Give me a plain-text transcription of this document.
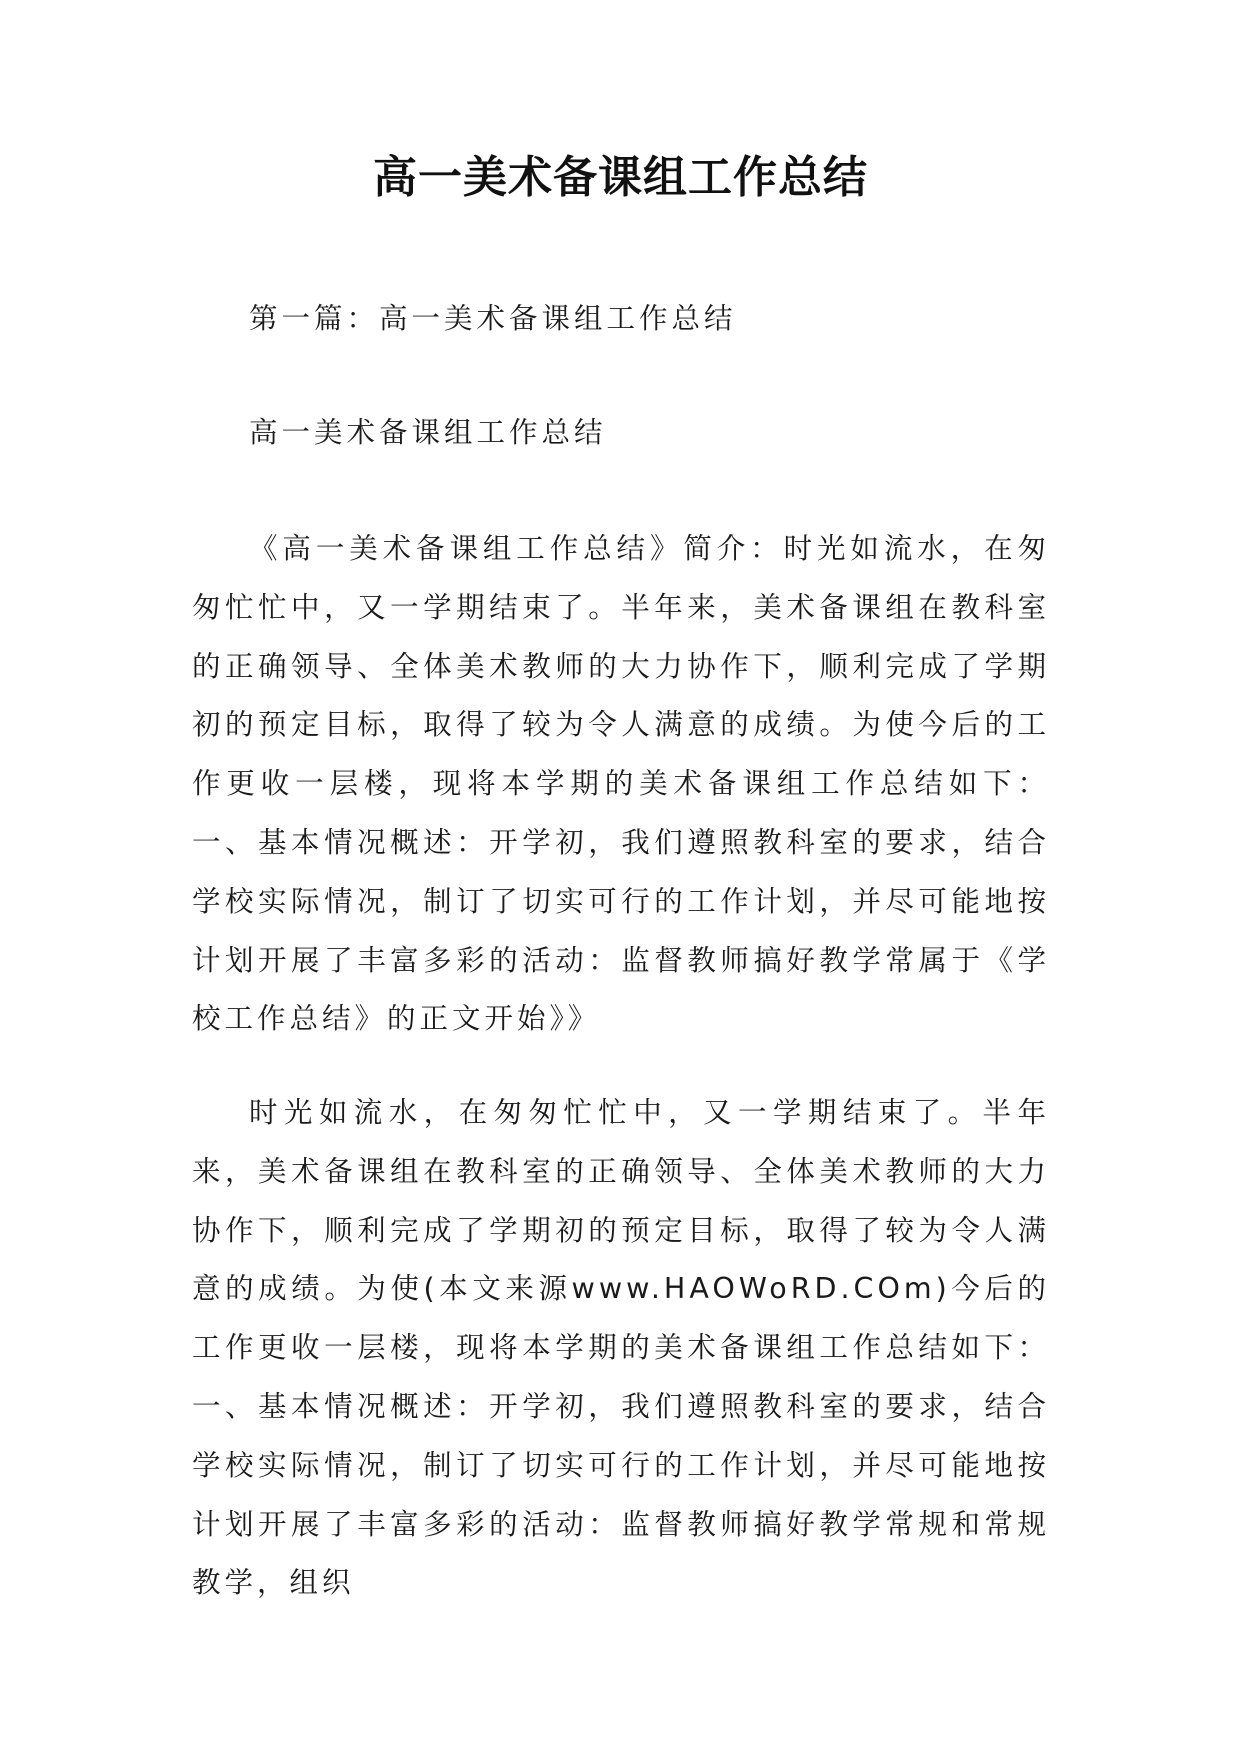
高一美术备课组工作总结

第一篇：高一美术备课组工作总结

高一美术备课组工作总结

《高一美术备课组工作总结》简介：时光如流水，在匆匆忙忙中，又一学期结束了。半年来，美术备课组在教科室的正确领导、全体美术教师的大力协作下，顺利完成了学期初的预定目标，取得了较为令人满意的成绩。为使今后的工作更收一层楼，现将本学期的美术备课组工作总结如下：一、基本情况概述：开学初，我们遵照教科室的要求，结合学校实际情况，制订了切实可行的工作计划，并尽可能地按计划开展了丰富多彩的活动：监督教师搞好教学常属于《学校工作总结》的正文开始》》

时光如流水，在匆匆忙忙中，又一学期结束了。半年来，美术备课组在教科室的正确领导、全体美术教师的大力协作下，顺利完成了学期初的预定目标，取得了较为令人满意的成绩。为使(本文来源www.HAOWoRD.COm)今后的工作更收一层楼，现将本学期的美术备课组工作总结如下：一、基本情况概述：开学初，我们遵照教科室的要求，结合学校实际情况，制订了切实可行的工作计划，并尽可能地按计划开展了丰富多彩的活动：监督教师搞好教学常规和常规教学，组织
